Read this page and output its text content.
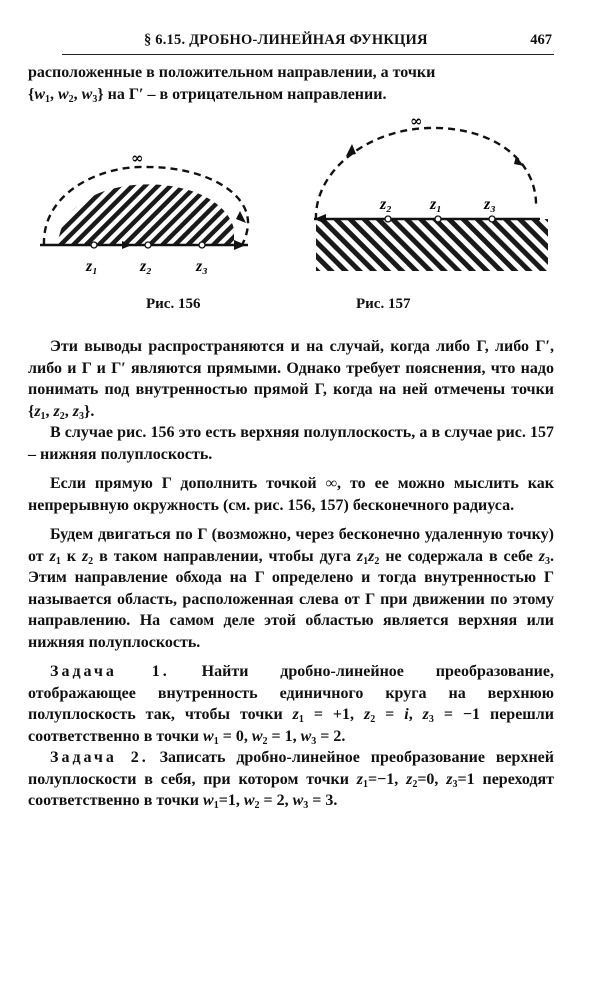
§ 6.15. ДРОБНО-ЛИНЕЙНАЯ ФУНКЦИЯ	467

расположенные в положительном направлении, а точки

{$w_1$, $w_2$, $w_3$} на Γ′ – в отрицательном направлении.

∞
z₁	z₂	z₃
∞
z₂ z₁	z₃
Рис. 156	Рис. 157

Эти выводы распространяются и на случай, когда либо Γ, либо Γ′, либо и Γ и Γ′ являются прямыми. Однако требует пояснения, что надо понимать под внутренностью прямой Γ, когда на ней отмечены точки {$z_1$, $z_2$, $z_3$}.

В случае рис. 156 это есть верхняя полуплоскость, а в случае рис. 157 – нижняя полуплоскость.

Если прямую Γ дополнить точкой ∞, то ее можно мыслить как непрерывную окружность (см. рис. 156, 157) бесконечного радиуса.

Будем двигаться по Γ (возможно, через бесконечно удаленную точку) от $z_1$ к $z_2$ в таком направлении, чтобы дуга $z_1z_2$ не содержала в себе $z_3$. Этим направление обхода на Γ определено и тогда внутренностью Γ называется область, расположенная слева от Γ при движении по этому направлению. На самом деле этой областью является верхняя или нижняя полуплоскость.

Задача 1. Найти дробно-линейное преобразование, отображающее внутренность единичного круга на верхнюю полуплоскость так, чтобы точки $z_1 = +1$, $z_2 = i$, $z_3 = -1$ перешли соответственно в точки $w_1 = 0$, $w_2 = 1$, $w_3 = 2$.

Задача 2. Записать дробно-линейное преобразование верхней полуплоскости в себя, при котором точки $z_1=-1$, $z_2=0$, $z_3=1$ переходят соответственно в точки $w_1=1$, $w_2 = 2$, $w_3 = 3$.
